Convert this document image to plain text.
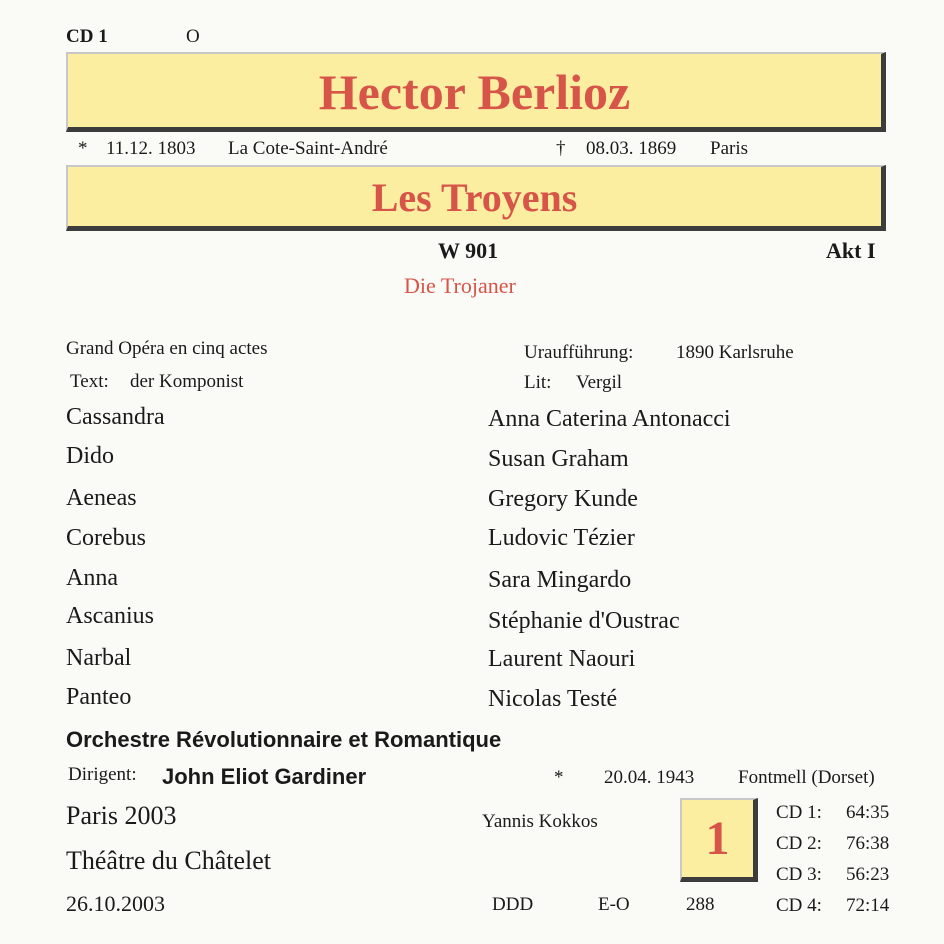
CD 1	O
Hector Berlioz
* 11.12. 1803 La Cote-Saint-André	† 08.03. 1869 Paris
Les Troyens
W 901	Akt I
Die Trojaner
Grand Opéra en cinq actes	Uraufführung: 1890 Karlsruhe
Text: der Komponist	Lit: Vergil
Cassandra	Anna Caterina Antonacci
Dido	Susan Graham
Aeneas	Gregory Kunde
Corebus	Ludovic Tézier
Anna	Sara Mingardo
Ascanius	Stéphanie d'Oustrac
Narbal	Laurent Naouri
Panteo	Nicolas Testé
Orchestre Révolutionnaire et Romantique
Dirigent: John Eliot Gardiner	* 20.04. 1943 Fontmell (Dorset)
Paris 2003
Théâtre du Châtelet
26.10.2003
Yannis Kokkos
DDD	E-O	288
1	CD 1: 64:35
CD 2: 76:38
CD 3: 56:23
CD 4: 72:14
